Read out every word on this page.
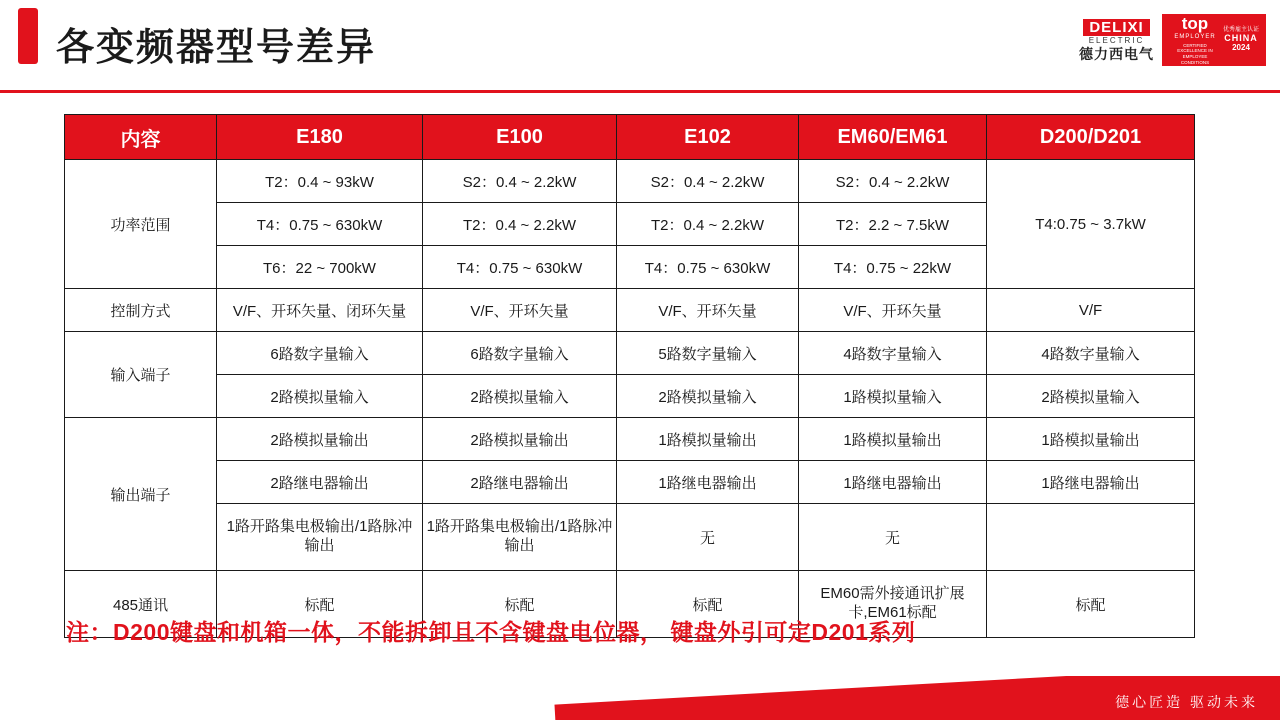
各变频器型号差异	DELIXI
ELECTRIC
德力西电气
top
EMPLOYER
CERTIFIED EXCELLENCE IN EMPLOYEE CONDITIONS
优秀雇主认证
CHINA
2024
内容	E180	E100	E102	EM60/EM61	D200/D201
功率范围	T2：0.4 ~ 93kW	S2：0.4 ~ 2.2kW	S2：0.4 ~ 2.2kW	S2：0.4 ~ 2.2kW	T4:0.75 ~ 3.7kW
	T4：0.75 ~ 630kW	T2：0.4 ~ 2.2kW	T2：0.4 ~ 2.2kW	T2：2.2 ~ 7.5kW	
	T6：22 ~ 700kW	T4：0.75 ~ 630kW	T4：0.75 ~ 630kW	T4：0.75 ~ 22kW	
控制方式	V/F、开环矢量、闭环矢量	V/F、开环矢量	V/F、开环矢量	V/F、开环矢量	V/F
输入端子	6路数字量输入	6路数字量输入	5路数字量输入	4路数字量输入	4路数字量输入
	2路模拟量输入	2路模拟量输入	2路模拟量输入	1路模拟量输入	2路模拟量输入
输出端子	2路模拟量输出	2路模拟量输出	1路模拟量输出	1路模拟量输出	1路模拟量输出
	2路继电器输出	2路继电器输出	1路继电器输出	1路继电器输出	1路继电器输出
	1路开路集电极输出/1路脉冲输出	1路开路集电极输出/1路脉冲输出	无	无	
485通讯	标配	标配	标配	EM60需外接通讯扩展卡,EM61标配	标配
注：D200键盘和机箱一体，不能拆卸且不含键盘电位器， 键盘外引可定D201系列
德心匠造 驱动未来
